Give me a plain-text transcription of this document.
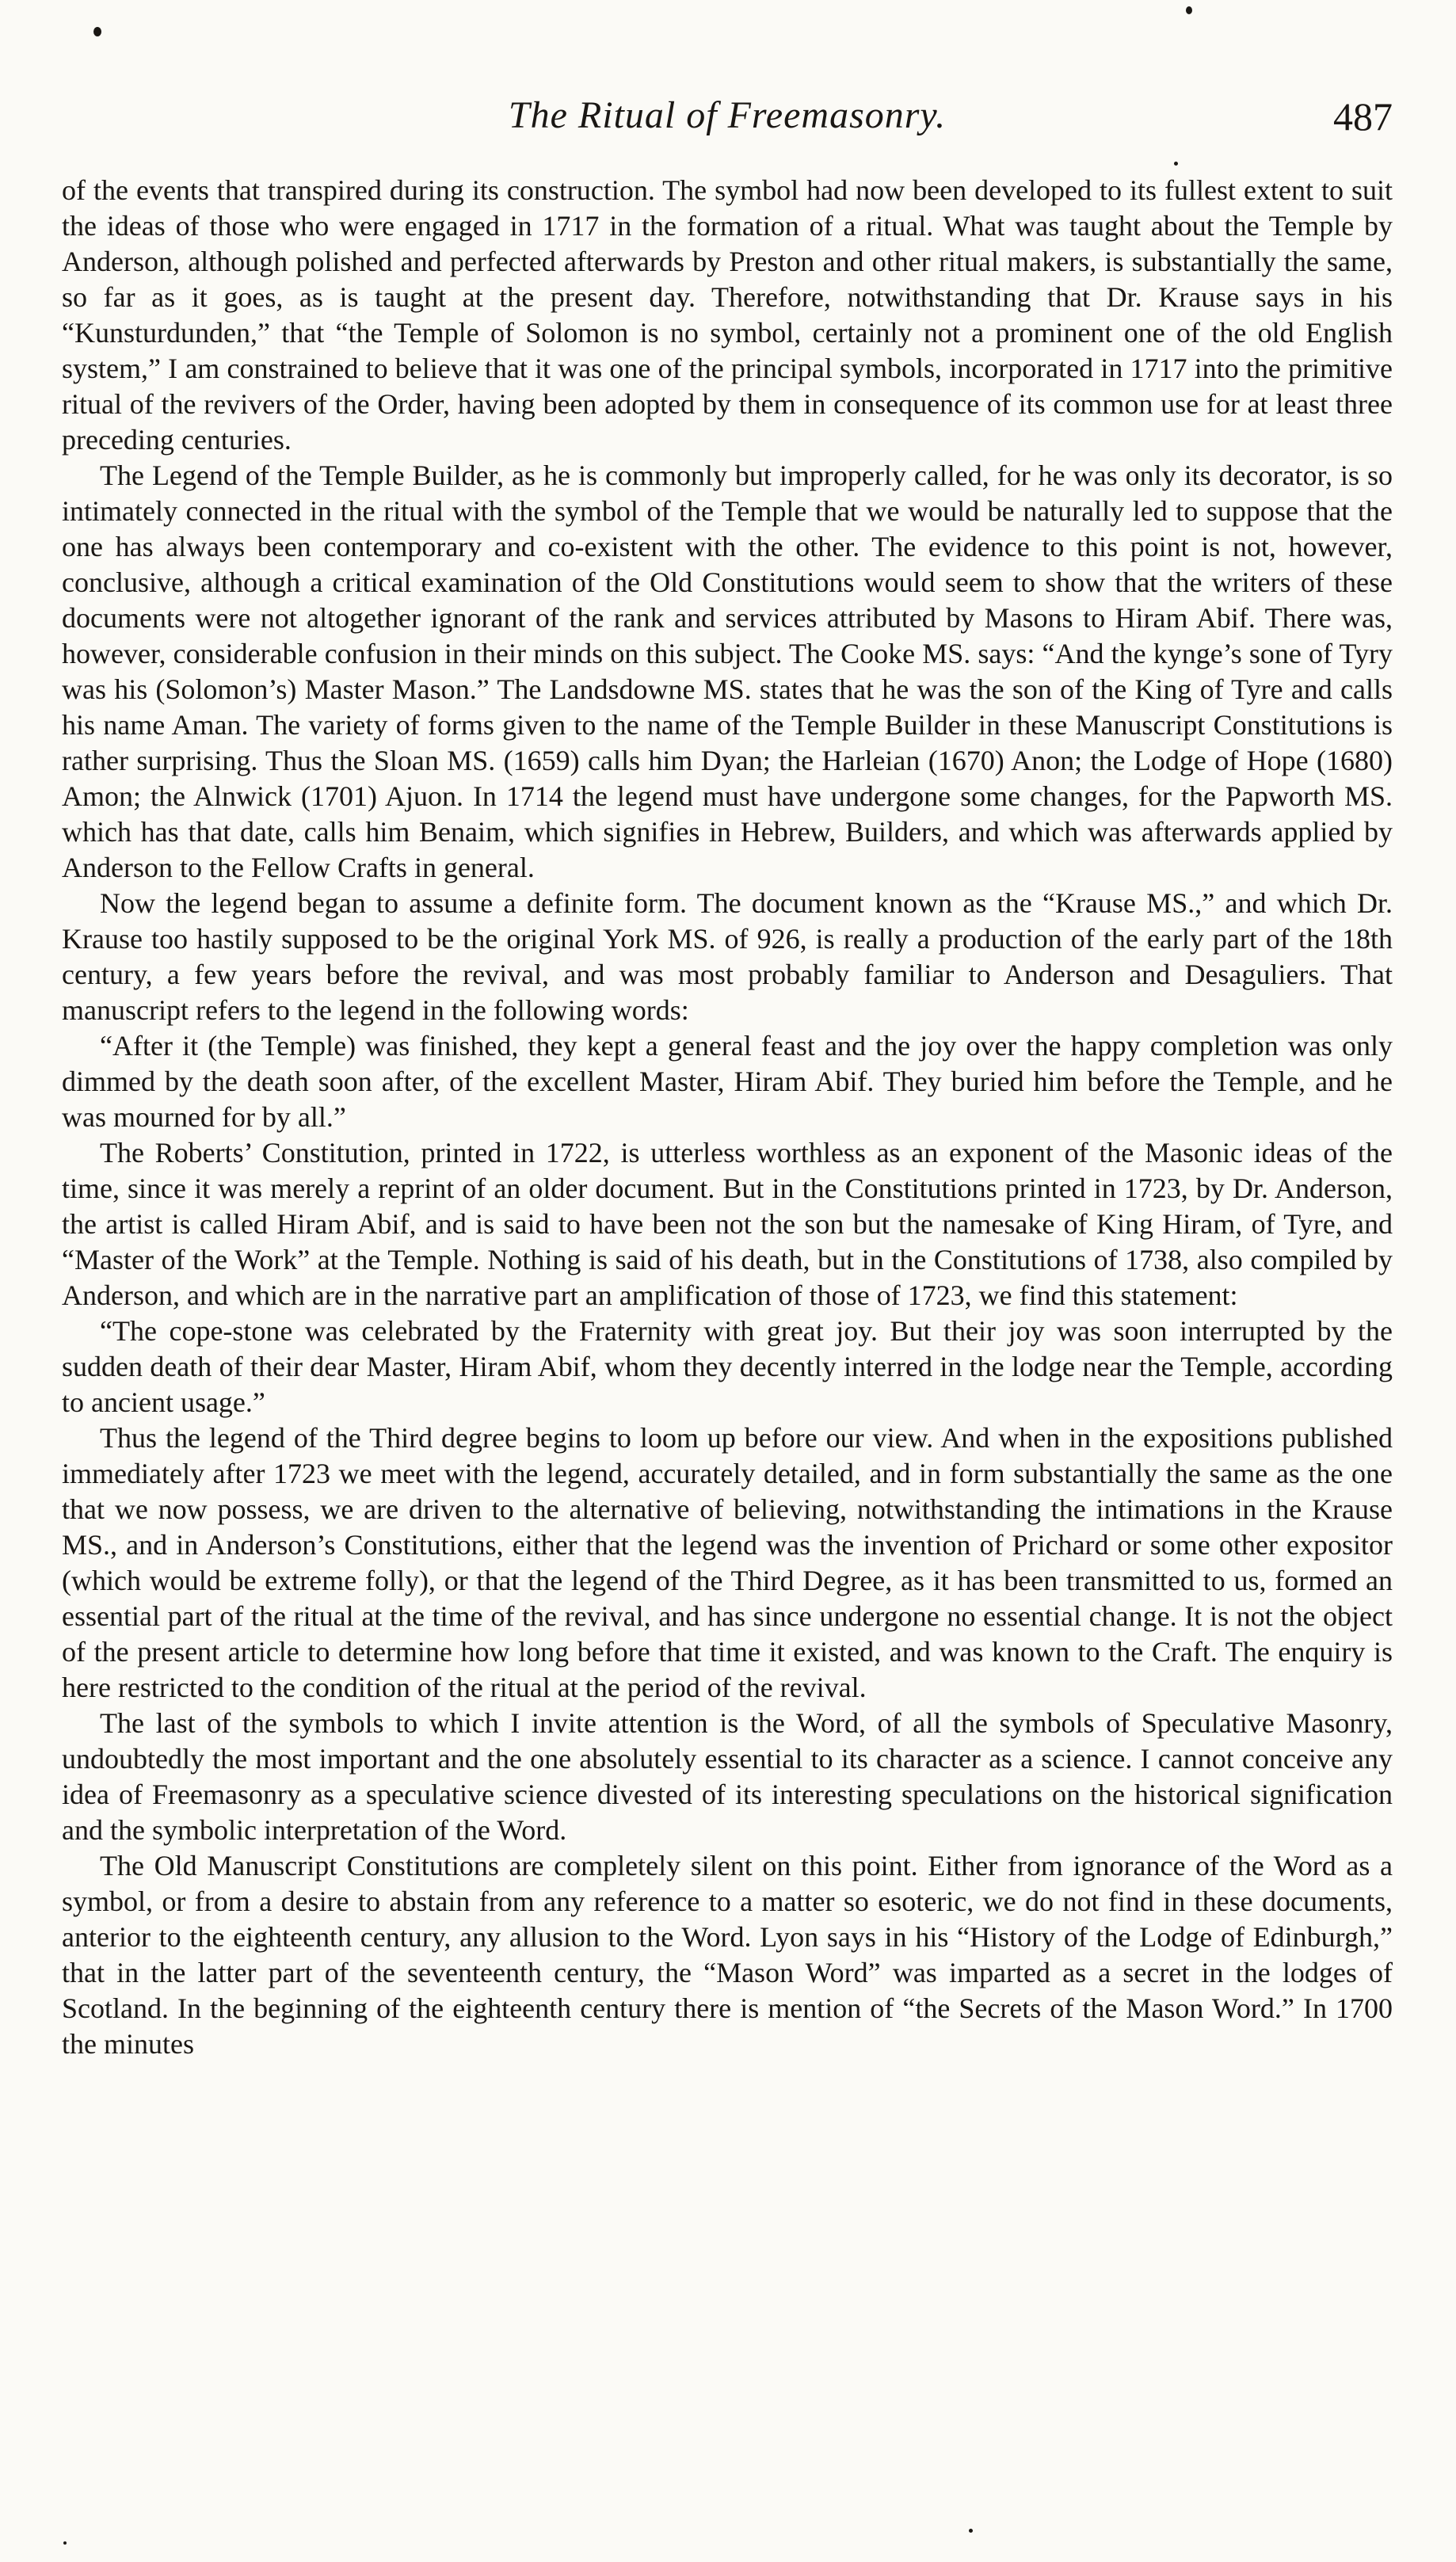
The Ritual of Freemasonry.	487

of the events that transpired during its construction. The symbol had now been developed to its fullest extent to suit the ideas of those who were engaged in 1717 in the formation of a ritual. What was taught about the Temple by Anderson, although polished and perfected afterwards by Preston and other ritual makers, is substantially the same, so far as it goes, as is taught at the present day. Therefore, notwithstanding that Dr. Krause says in his “Kunsturdunden,” that “the Temple of Solomon is no symbol, certainly not a prominent one of the old English system,” I am constrained to believe that it was one of the principal symbols, incorporated in 1717 into the primitive ritual of the revivers of the Order, having been adopted by them in consequence of its common use for at least three preceding centuries.

The Legend of the Temple Builder, as he is commonly but improperly called, for he was only its decorator, is so intimately connected in the ritual with the symbol of the Temple that we would be naturally led to suppose that the one has always been contemporary and co-existent with the other. The evidence to this point is not, however, conclusive, although a critical examination of the Old Constitutions would seem to show that the writers of these documents were not altogether ignorant of the rank and services attributed by Masons to Hiram Abif. There was, however, considerable confusion in their minds on this subject. The Cooke MS. says: “And the kynge’s sone of Tyry was his (Solomon’s) Master Mason.” The Landsdowne MS. states that he was the son of the King of Tyre and calls his name Aman. The variety of forms given to the name of the Temple Builder in these Manuscript Constitutions is rather surprising. Thus the Sloan MS. (1659) calls him Dyan; the Harleian (1670) Anon; the Lodge of Hope (1680) Amon; the Alnwick (1701) Ajuon. In 1714 the legend must have undergone some changes, for the Papworth MS. which has that date, calls him Benaim, which signifies in Hebrew, Builders, and which was afterwards applied by Anderson to the Fellow Crafts in general.

Now the legend began to assume a definite form. The document known as the “Krause MS.,” and which Dr. Krause too hastily supposed to be the original York MS. of 926, is really a production of the early part of the 18th century, a few years before the revival, and was most probably familiar to Anderson and Desaguliers. That manuscript refers to the legend in the following words:

“After it (the Temple) was finished, they kept a general feast and the joy over the happy completion was only dimmed by the death soon after, of the excellent Master, Hiram Abif. They buried him before the Temple, and he was mourned for by all.”

The Roberts’ Constitution, printed in 1722, is utterless worthless as an exponent of the Masonic ideas of the time, since it was merely a reprint of an older document. But in the Constitutions printed in 1723, by Dr. Anderson, the artist is called Hiram Abif, and is said to have been not the son but the namesake of King Hiram, of Tyre, and “Master of the Work” at the Temple. Nothing is said of his death, but in the Constitutions of 1738, also compiled by Anderson, and which are in the narrative part an amplification of those of 1723, we find this statement:

“The cope-stone was celebrated by the Fraternity with great joy. But their joy was soon interrupted by the sudden death of their dear Master, Hiram Abif, whom they decently interred in the lodge near the Temple, according to ancient usage.”

Thus the legend of the Third degree begins to loom up before our view. And when in the expositions published immediately after 1723 we meet with the legend, accurately detailed, and in form substantially the same as the one that we now possess, we are driven to the alternative of believing, notwithstanding the intimations in the Krause MS., and in Anderson’s Constitutions, either that the legend was the invention of Prichard or some other expositor (which would be extreme folly), or that the legend of the Third Degree, as it has been transmitted to us, formed an essential part of the ritual at the time of the revival, and has since undergone no essential change. It is not the object of the present article to determine how long before that time it existed, and was known to the Craft. The enquiry is here restricted to the condition of the ritual at the period of the revival.

The last of the symbols to which I invite attention is the Word, of all the symbols of Speculative Masonry, undoubtedly the most important and the one absolutely essential to its character as a science. I cannot conceive any idea of Freemasonry as a speculative science divested of its interesting speculations on the historical signification and the symbolic interpretation of the Word.

The Old Manuscript Constitutions are completely silent on this point. Either from ignorance of the Word as a symbol, or from a desire to abstain from any reference to a matter so esoteric, we do not find in these documents, anterior to the eighteenth century, any allusion to the Word. Lyon says in his “History of the Lodge of Edinburgh,” that in the latter part of the seventeenth century, the “Mason Word” was imparted as a secret in the lodges of Scotland. In the beginning of the eighteenth century there is mention of “the Secrets of the Mason Word.” In 1700 the minutes
